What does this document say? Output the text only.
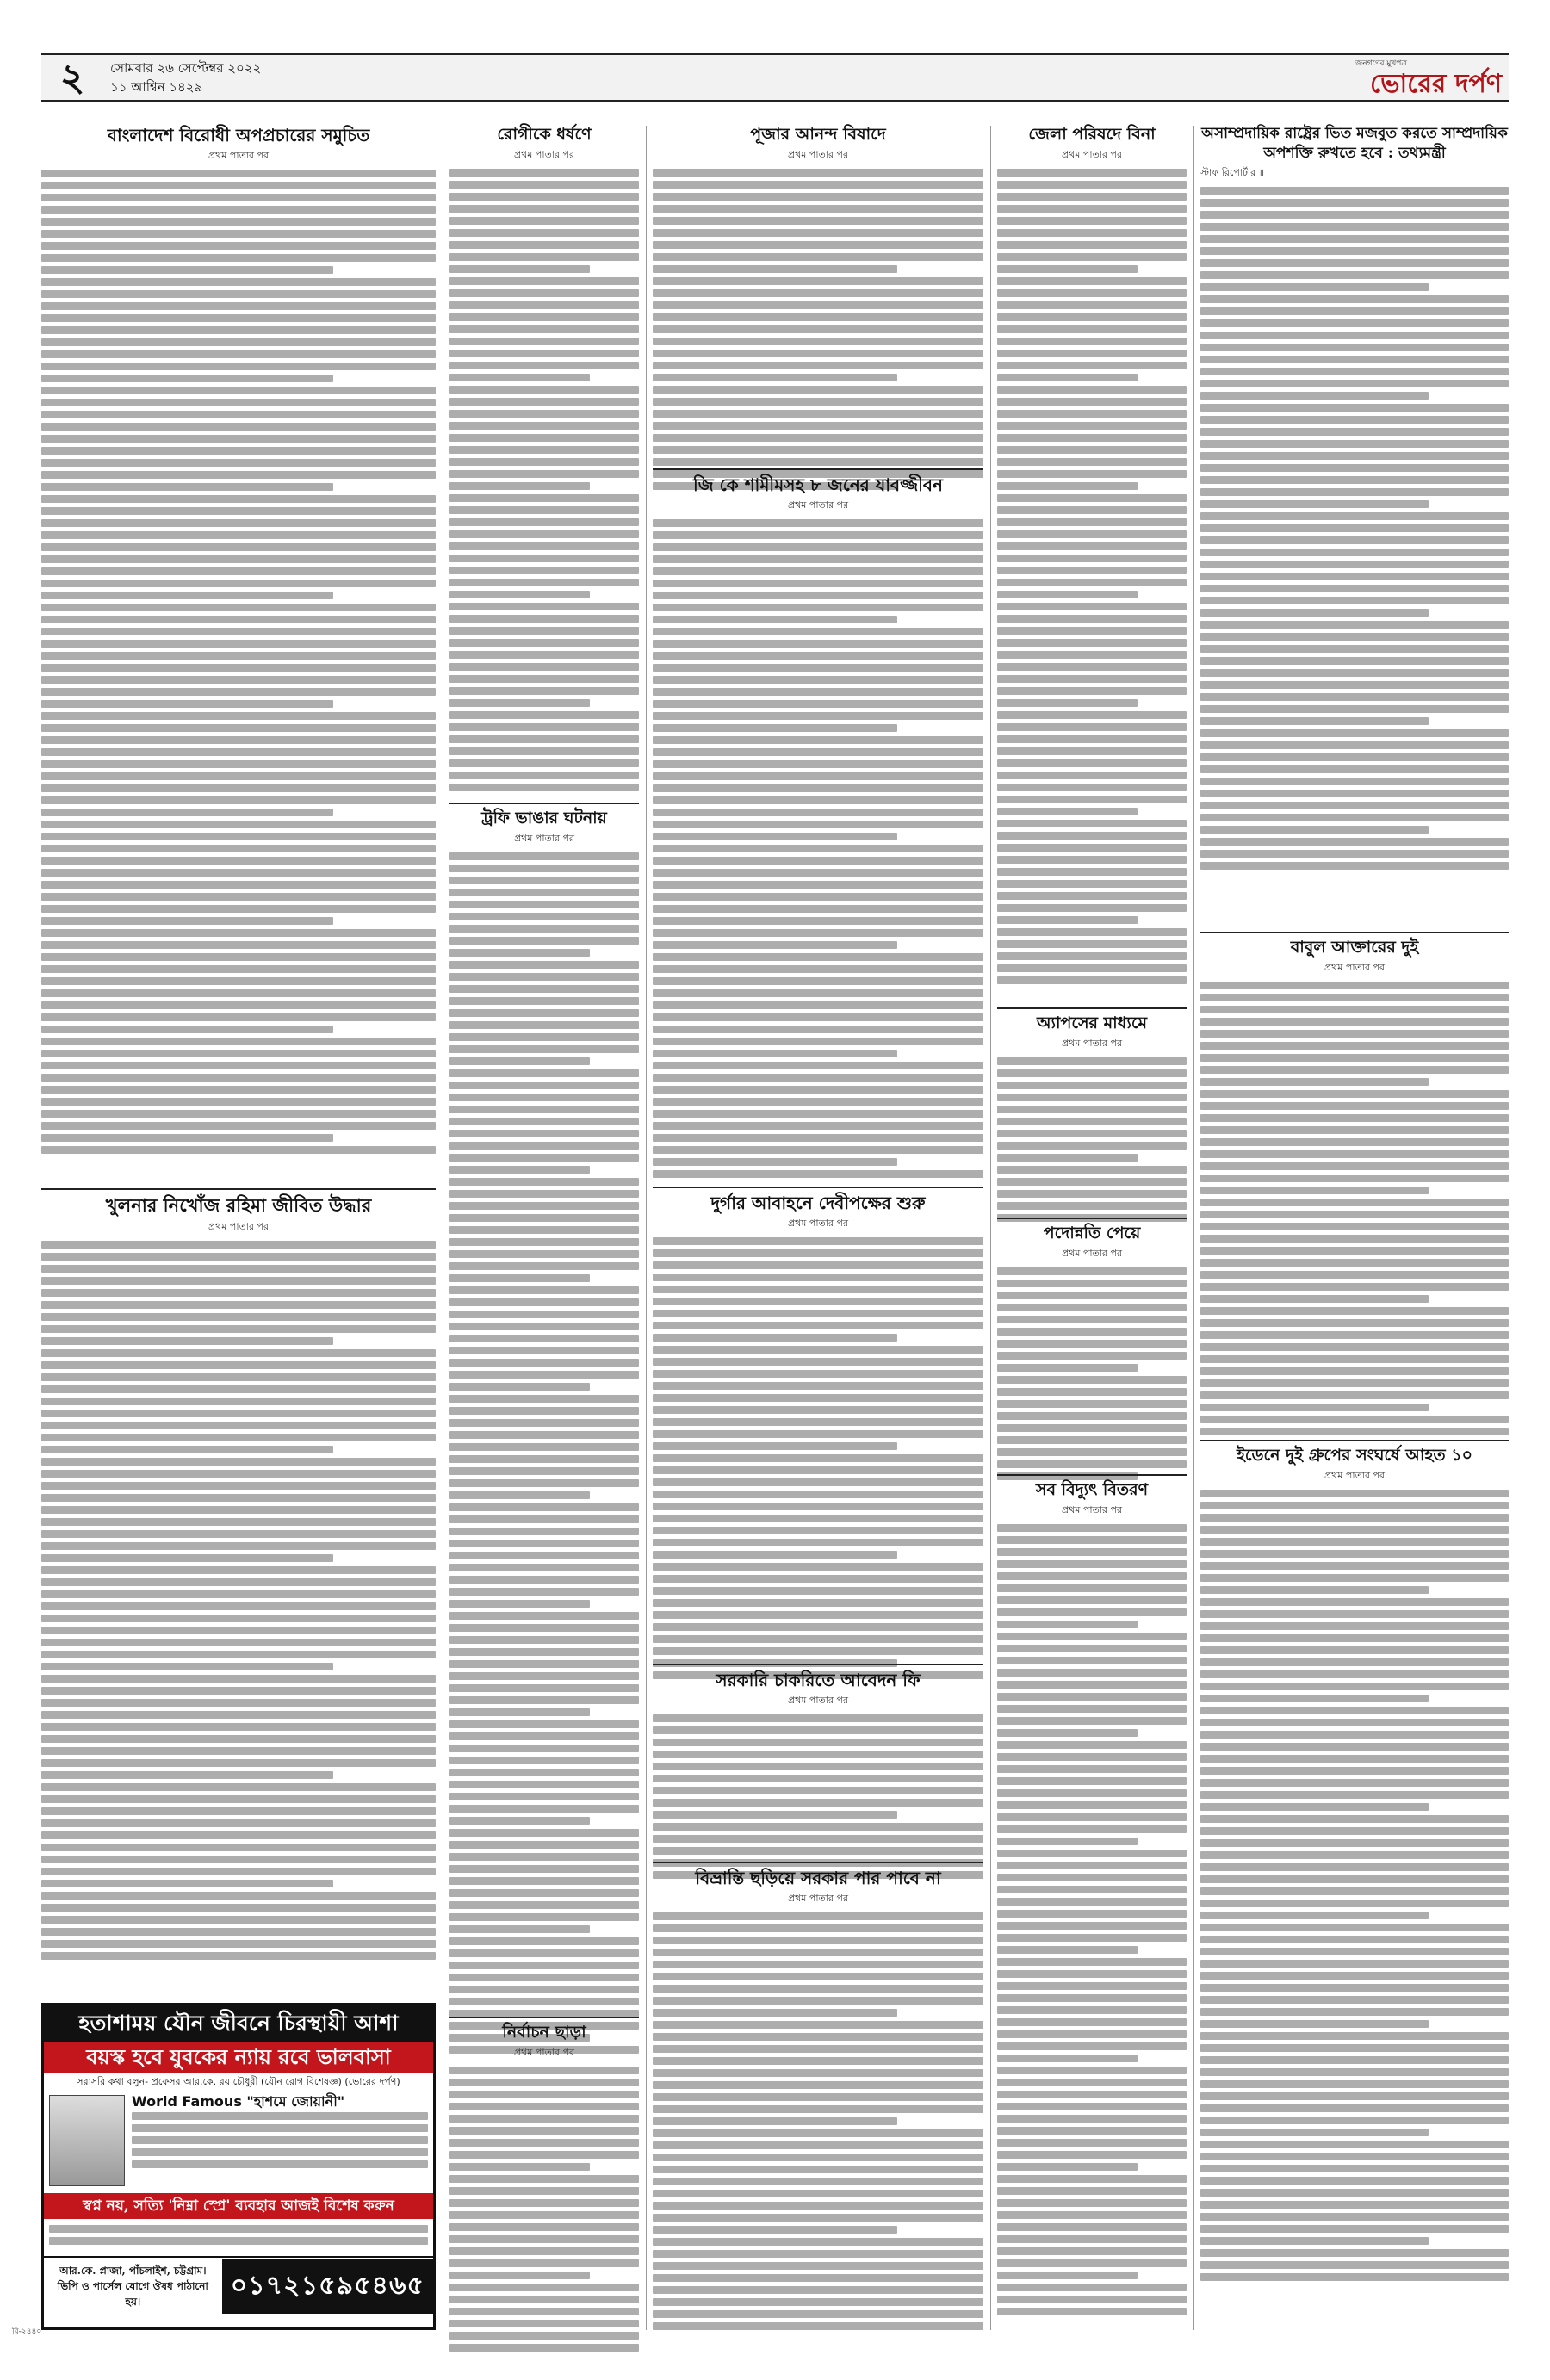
২	সোমবার ২৬ সেপ্টেম্বর ২০২২
১১ আশ্বিন ১৪২৯
জনগণের মুখপত্র
ভোরের দর্পণ
বাংলাদেশ বিরোধী অপপ্রচারের সমুচিত
প্রথম পাতার পর
খুলনার নিখোঁজ রহিমা জীবিত উদ্ধার
প্রথম পাতার পর
হতাশাময় যৌন জীবনে চিরস্থায়ী আশা
বয়স্ক হবে যুবকের ন্যায় রবে ভালবাসা
সরাসরি কথা বলুন- প্রফেসর আর.কে. রয় চৌধুরী (যৌন রোগ বিশেষজ্ঞ) (ভোরের দর্পণ)
World Famous "হাশমে জোয়ানী"
স্বপ্ন নয়, সত্যি 'নিম্না স্প্রে' ব্যবহার আজই বিশেষ করুন
আর.কে. প্লাজা, পাঁচলাইশ, চট্টগ্রাম। ভিপি ও পার্সেল যোগে ঔষধ পাঠানো হয়।
০১৭২১৫৯৫৪৬৫
রোগীকে ধর্ষণে
প্রথম পাতার পর
ট্রফি ভাঙার ঘটনায়
প্রথম পাতার পর
নির্বাচন ছাড়া
প্রথম পাতার পর
পূজার আনন্দ বিষাদে
প্রথম পাতার পর
জি কে শামীমসহ ৮ জনের যাবজ্জীবন
প্রথম পাতার পর
দুর্গার আবাহনে দেবীপক্ষের শুরু
প্রথম পাতার পর
সরকারি চাকরিতে আবেদন ফি
প্রথম পাতার পর
বিভ্রান্তি ছড়িয়ে সরকার পার পাবে না
প্রথম পাতার পর
জেলা পরিষদে বিনা
প্রথম পাতার পর
অ্যাপসের মাধ্যমে
প্রথম পাতার পর
পদোন্নতি পেয়ে
প্রথম পাতার পর
সব বিদ্যুৎ বিতরণ
প্রথম পাতার পর
অসাম্প্রদায়িক রাষ্ট্রের ভিত মজবুত করতে সাম্প্রদায়িক
অপশক্তি রুখতে হবে : তথ্যমন্ত্রী
স্টাফ রিপোর্টার ॥
বাবুল আক্তারের দুই
প্রথম পাতার পর
ইডেনে দুই গ্রুপের সংঘর্ষে আহত ১০
প্রথম পাতার পর
বি-২৪৪০
